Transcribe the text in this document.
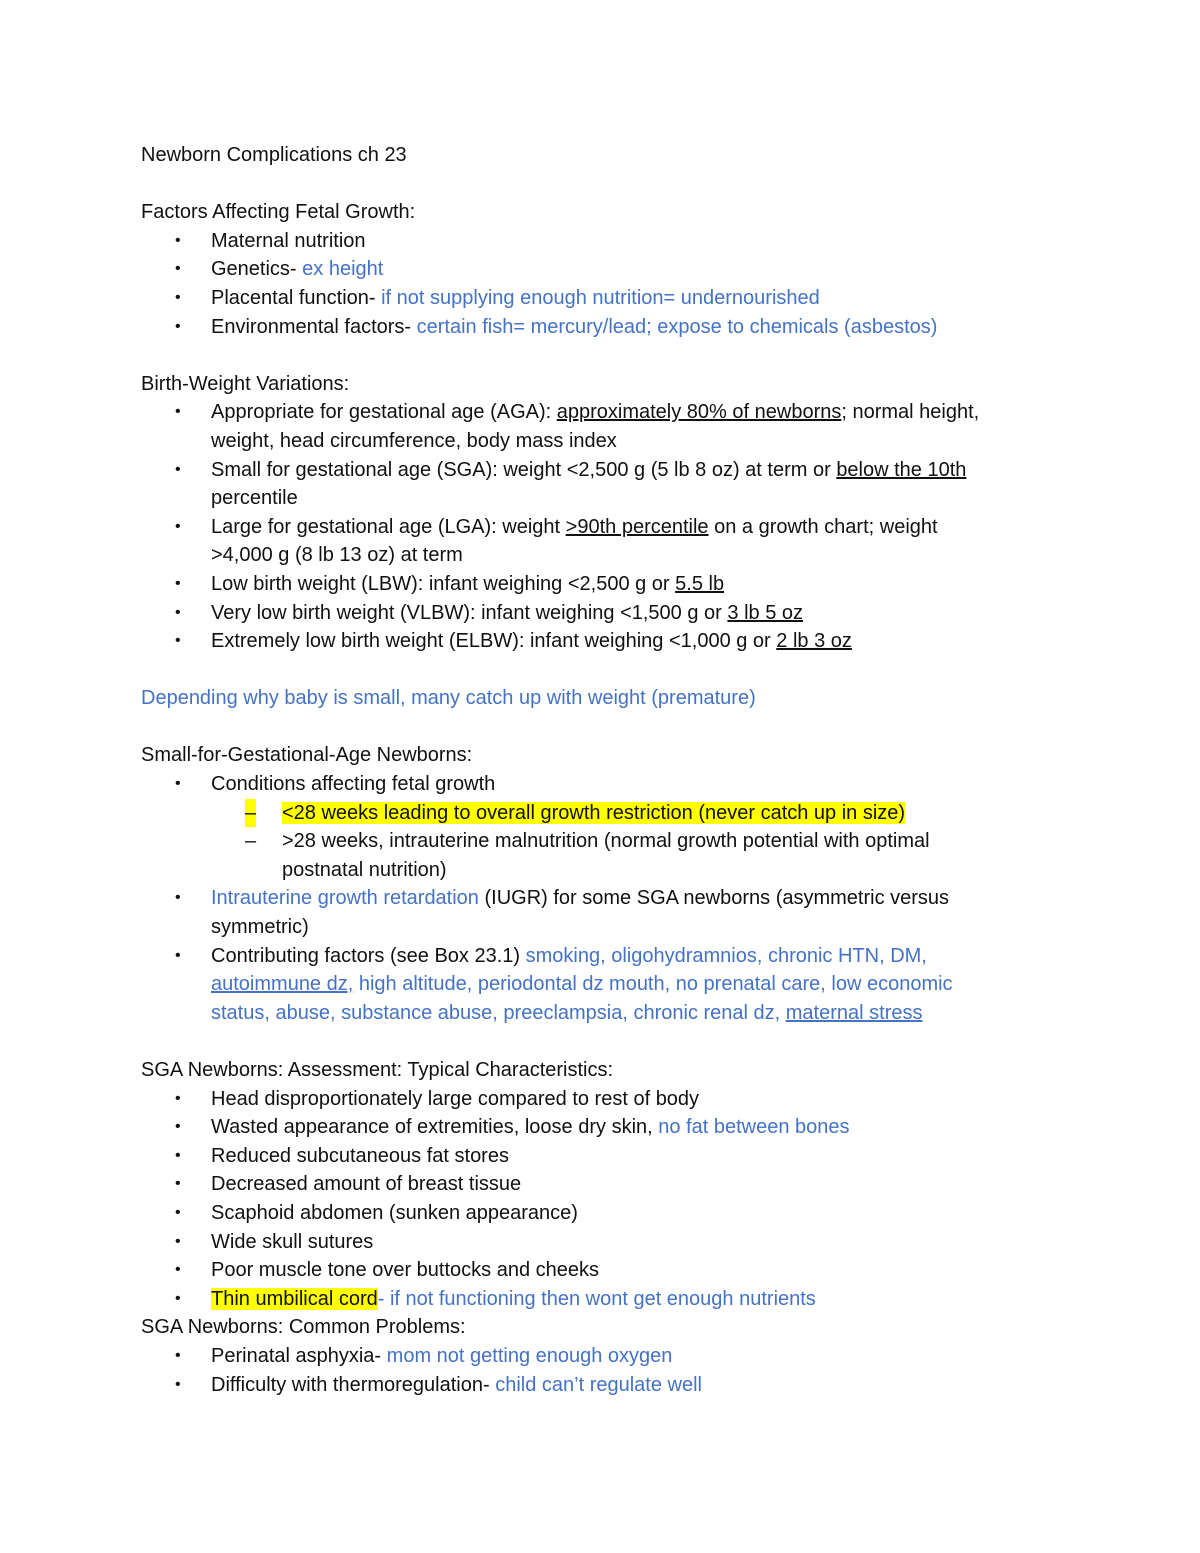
Newborn Complications ch 23
Factors Affecting Fetal Growth:
• Maternal nutrition
• Genetics- ex height
• Placental function- if not supplying enough nutrition= undernourished
• Environmental factors- certain fish= mercury/lead; expose to chemicals (asbestos)
Birth-Weight Variations:
• Appropriate for gestational age (AGA): approximately 80% of newborns; normal height,
weight, head circumference, body mass index
• Small for gestational age (SGA): weight <2,500 g (5 lb 8 oz) at term or below the 10th
percentile
• Large for gestational age (LGA): weight >90th percentile on a growth chart; weight
>4,000 g (8 lb 13 oz) at term
• Low birth weight (LBW): infant weighing <2,500 g or 5.5 lb
• Very low birth weight (VLBW): infant weighing <1,500 g or 3 lb 5 oz
• Extremely low birth weight (ELBW): infant weighing <1,000 g or 2 lb 3 oz
Depending why baby is small, many catch up with weight (premature)
Small-for-Gestational-Age Newborns:
• Conditions affecting fetal growth
– <28 weeks leading to overall growth restriction (never catch up in size)
– >28 weeks, intrauterine malnutrition (normal growth potential with optimal
postnatal nutrition)
• Intrauterine growth retardation (IUGR) for some SGA newborns (asymmetric versus
symmetric)
• Contributing factors (see Box 23.1) smoking, oligohydramnios, chronic HTN, DM,
autoimmune dz, high altitude, periodontal dz mouth, no prenatal care, low economic
status, abuse, substance abuse, preeclampsia, chronic renal dz, maternal stress
SGA Newborns: Assessment: Typical Characteristics:
• Head disproportionately large compared to rest of body
• Wasted appearance of extremities, loose dry skin, no fat between bones
• Reduced subcutaneous fat stores
• Decreased amount of breast tissue
• Scaphoid abdomen (sunken appearance)
• Wide skull sutures
• Poor muscle tone over buttocks and cheeks
• Thin umbilical cord- if not functioning then wont get enough nutrients
SGA Newborns: Common Problems:
• Perinatal asphyxia- mom not getting enough oxygen
• Difficulty with thermoregulation- child can’t regulate well
